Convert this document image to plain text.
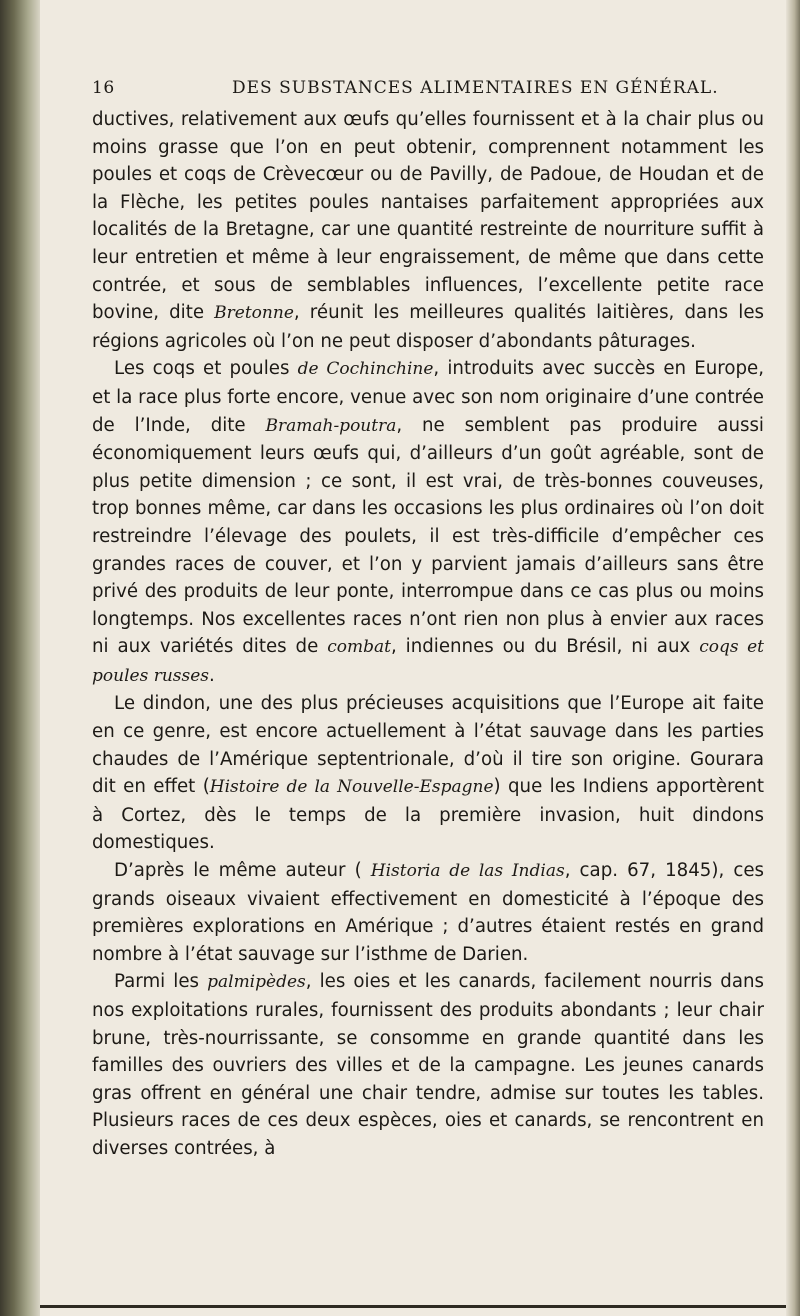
16	DES SUBSTANCES ALIMENTAIRES EN GÉNÉRAL.

ductives, relativement aux œufs qu’elles fournissent et à la chair plus ou moins grasse que l’on en peut obtenir, comprennent notamment les poules et coqs de Crèvecœur ou de Pavilly, de Padoue, de Houdan et de la Flèche, les petites poules nantaises parfaitement appropriées aux localités de la Bretagne, car une quantité restreinte de nourriture suffit à leur entretien et même à leur engraissement, de même que dans cette contrée, et sous de semblables influences, l’excellente petite race bovine, dite Bretonne, réunit les meilleures qualités laitières, dans les régions agricoles où l’on ne peut disposer d’abondants pâturages.

Les coqs et poules de Cochinchine, introduits avec succès en Europe, et la race plus forte encore, venue avec son nom originaire d’une contrée de l’Inde, dite Bramah-poutra, ne semblent pas produire aussi économiquement leurs œufs qui, d’ailleurs d’un goût agréable, sont de plus petite dimension ; ce sont, il est vrai, de très-bonnes couveuses, trop bonnes même, car dans les occasions les plus ordinaires où l’on doit restreindre l’élevage des poulets, il est très-difficile d’empêcher ces grandes races de couver, et l’on y parvient jamais d’ailleurs sans être privé des produits de leur ponte, interrompue dans ce cas plus ou moins longtemps. Nos excellentes races n’ont rien non plus à envier aux races ni aux variétés dites de combat, indiennes ou du Brésil, ni aux coqs et poules russes.

Le dindon, une des plus précieuses acquisitions que l’Europe ait faite en ce genre, est encore actuellement à l’état sauvage dans les parties chaudes de l’Amérique septentrionale, d’où il tire son origine. Gourara dit en effet (Histoire de la Nouvelle-Espagne) que les Indiens apportèrent à Cortez, dès le temps de la première invasion, huit dindons domestiques.

D’après le même auteur ( Historia de las Indias, cap. 67, 1845), ces grands oiseaux vivaient effectivement en domesticité à l’époque des premières explorations en Amérique ; d’autres étaient restés en grand nombre à l’état sauvage sur l’isthme de Darien.

Parmi les palmipèdes, les oies et les canards, facilement nourris dans nos exploitations rurales, fournissent des produits abondants ; leur chair brune, très-nourrissante, se consomme en grande quantité dans les familles des ouvriers des villes et de la campagne. Les jeunes canards gras offrent en général une chair tendre, admise sur toutes les tables. Plusieurs races de ces deux espèces, oies et canards, se rencontrent en diverses contrées, à
